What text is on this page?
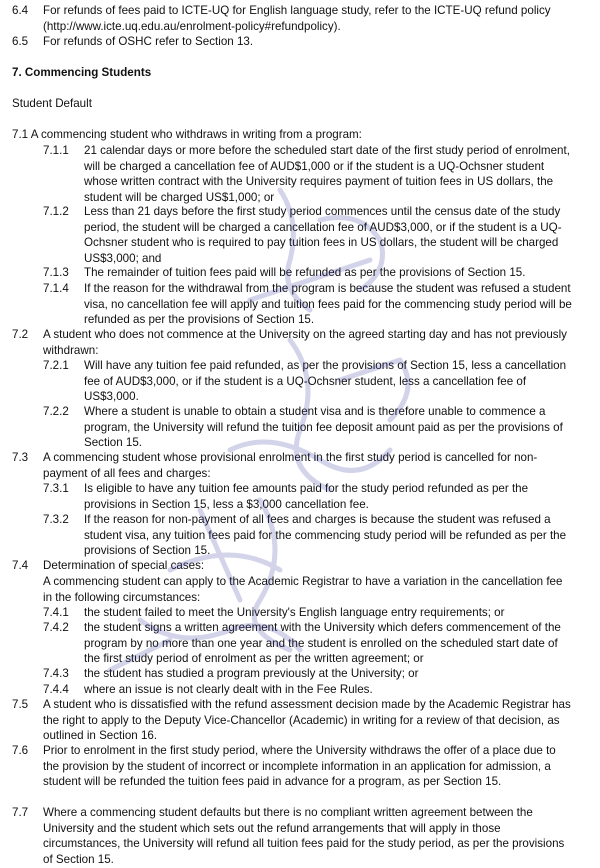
6.4 For refunds of fees paid to ICTE-UQ for English language study, refer to the ICTE-UQ refund policy (http://www.icte.uq.edu.au/enrolment-policy#refundpolicy).
6.5 For refunds of OSHC refer to Section 13.
7. Commencing Students
Student Default
7.1 A commencing student who withdraws in writing from a program:
7.1.1 21 calendar days or more before the scheduled start date of the first study period of enrolment, will be charged a cancellation fee of AUD$1,000 or if the student is a UQ-Ochsner student whose written contract with the University requires payment of tuition fees in US dollars, the student will be charged US$1,000; or
7.1.2 Less than 21 days before the first study period commences until the census date of the study period, the student will be charged a cancellation fee of AUD$3,000, or if the student is a UQ-Ochsner student who is required to pay tuition fees in US dollars, the student will be charged US$3,000; and
7.1.3 The remainder of tuition fees paid will be refunded as per the provisions of Section 15.
7.1.4 If the reason for the withdrawal from the program is because the student was refused a student visa, no cancellation fee will apply and tuition fees paid for the commencing study period will be refunded as per the provisions of Section 15.
7.2 A student who does not commence at the University on the agreed starting day and has not previously withdrawn:
7.2.1 Will have any tuition fee paid refunded, as per the provisions of Section 15, less a cancellation fee of AUD$3,000, or if the student is a UQ-Ochsner student, less a cancellation fee of US$3,000.
7.2.2 Where a student is unable to obtain a student visa and is therefore unable to commence a program, the University will refund the tuition fee deposit amount paid as per the provisions of Section 15.
7.3 A commencing student whose provisional enrolment in the first study period is cancelled for non-payment of all fees and charges:
7.3.1 Is eligible to have any tuition fee amounts paid for the study period refunded as per the provisions in Section 15, less a $3,000 cancellation fee.
7.3.2 If the reason for non-payment of all fees and charges is because the student was refused a student visa, any tuition fees paid for the commencing study period will be refunded as per the provisions of Section 15.
7.4 Determination of special cases:
A commencing student can apply to the Academic Registrar to have a variation in the cancellation fee in the following circumstances:
7.4.1 the student failed to meet the University's English language entry requirements; or
7.4.2 the student signs a written agreement with the University which defers commencement of the program by no more than one year and the student is enrolled on the scheduled start date of the first study period of enrolment as per the written agreement; or
7.4.3 the student has studied a program previously at the University; or
7.4.4 where an issue is not clearly dealt with in the Fee Rules.
7.5 A student who is dissatisfied with the refund assessment decision made by the Academic Registrar has the right to apply to the Deputy Vice-Chancellor (Academic) in writing for a review of that decision, as outlined in Section 16.
7.6 Prior to enrolment in the first study period, where the University withdraws the offer of a place due to the provision by the student of incorrect or incomplete information in an application for admission, a student will be refunded the tuition fees paid in advance for a program, as per Section 15.
7.7 Where a commencing student defaults but there is no compliant written agreement between the University and the student which sets out the refund arrangements that will apply in those circumstances, the University will refund all tuition fees paid for the study period, as per the provisions of Section 15.
